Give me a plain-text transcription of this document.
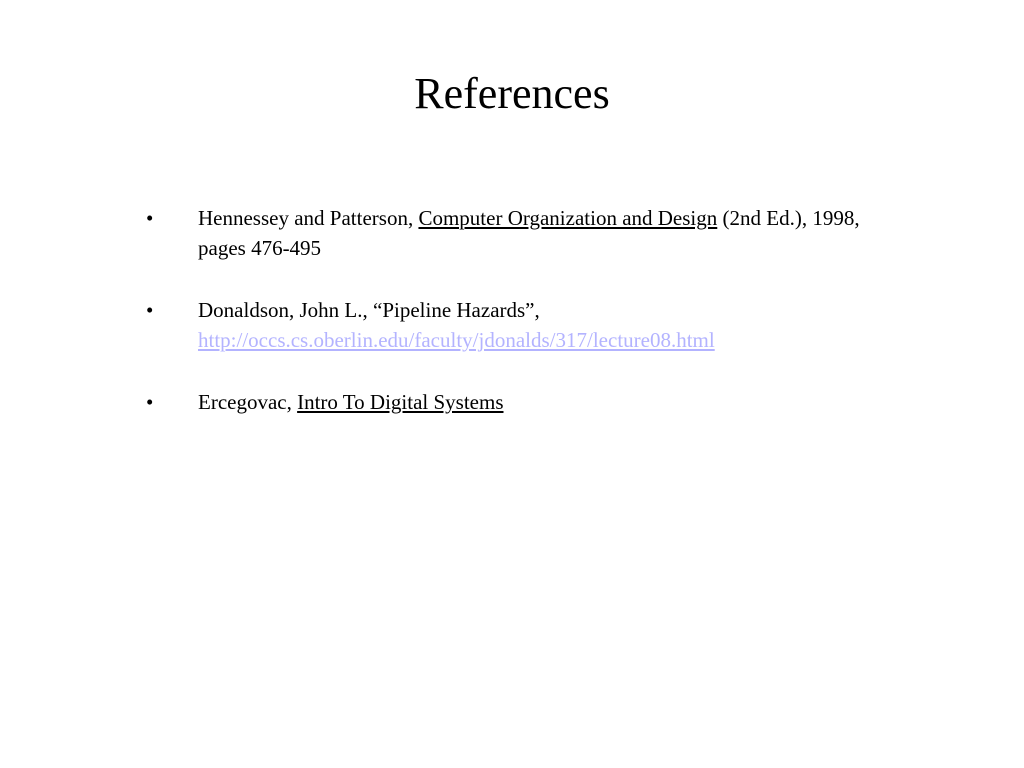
References
•	Hennessey and Patterson, Computer Organization and Design (2nd Ed.), 1998, pages 476-495
•	Donaldson, John L., “Pipeline Hazards”,
http://occs.cs.oberlin.edu/faculty/jdonalds/317/lecture08.html
•	Ercegovac, Intro To Digital Systems
